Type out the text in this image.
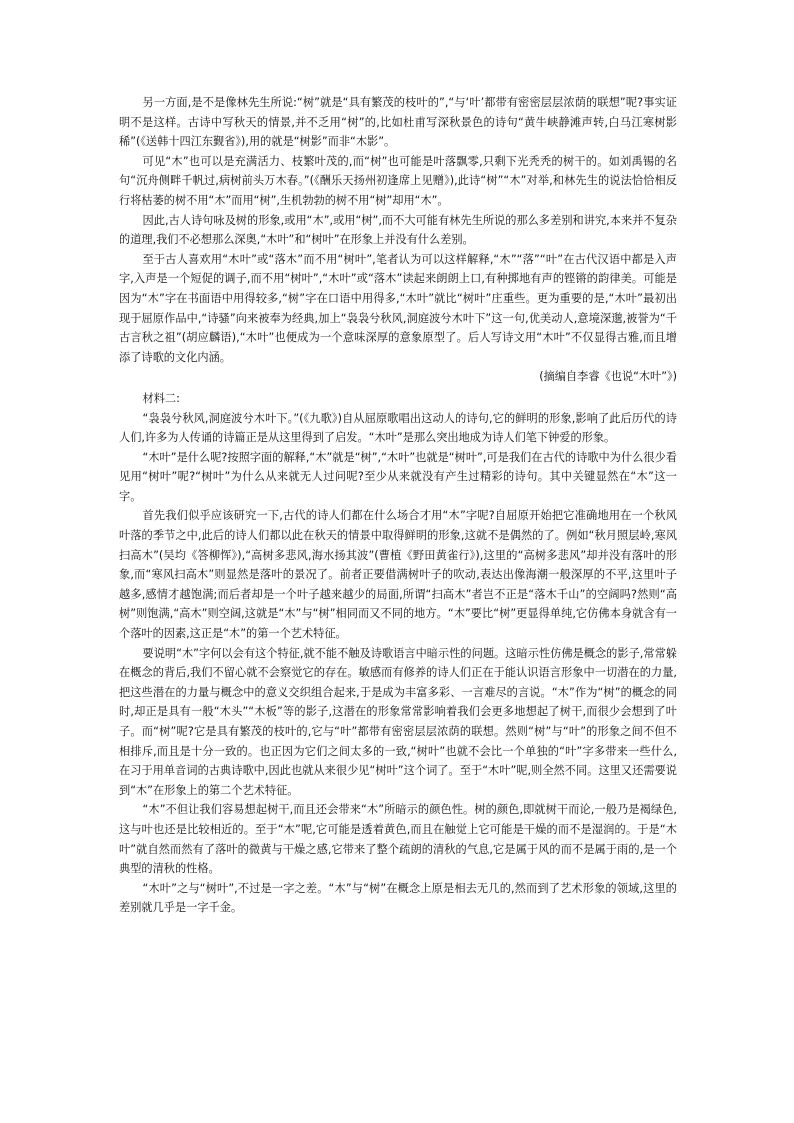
另一方面,是不是像林先生所说:“树”就是“具有繁茂的枝叶的”,“与‘叶’都带有密密层层浓荫的联想”呢?事实证明不是这样。古诗中写秋天的情景,并不乏用“树”的,比如杜甫写深秋景色的诗句“黄牛峡静滩声转,白马江寒树影稀”(《送韩十四江东觐省》),用的就是“树影”而非“木影”。

可见“木”也可以是充满活力、枝繁叶茂的,而“树”也可能是叶落飘零,只剩下光秃秃的树干的。如刘禹锡的名句“沉舟侧畔千帆过,病树前头万木春。”(《酬乐天扬州初逢席上见赠》),此诗“树”“木”对举,和林先生的说法恰恰相反行将枯萎的树不用“木”而用“树”,生机勃勃的树不用“树”却用“木”。

因此,古人诗句咏及树的形象,或用“木”,或用“树”,而不大可能有林先生所说的那么多差别和讲究,本来并不复杂的道理,我们不必想那么深奥,“木叶”和“树叶”在形象上并没有什么差别。

至于古人喜欢用“木叶”或“落木”而不用“树叶”,笔者认为可以这样解释,“木”“落”“叶”在古代汉语中都是入声字,入声是一个短促的调子,而不用“树叶”,“木叶”或“落木”读起来朗朗上口,有种掷地有声的铿锵的韵律美。可能是因为“木”字在书面语中用得较多,“树”字在口语中用得多,“木叶”就比“树叶”庄重些。更为重要的是,“木叶”最初出现于屈原作品中,“诗骚”向来被奉为经典,加上“袅袅兮秋风,洞庭波兮木叶下”这一句,优美动人,意境深邈,被誉为“千古言秋之祖”(胡应麟语),“木叶”也便成为一个意味深厚的意象原型了。后人写诗文用“木叶”不仅显得古雅,而且增添了诗歌的文化内涵。

(摘编自李睿《也说“木叶”》)

材料二:

“袅袅兮秋风,洞庭波兮木叶下。”(《九歌》)自从屈原歌唱出这动人的诗句,它的鲜明的形象,影响了此后历代的诗人们,许多为人传诵的诗篇正是从这里得到了启发。“木叶”是那么突出地成为诗人们笔下钟爱的形象。

“木叶”是什么呢?按照字面的解释,“木”就是“树”,“木叶”也就是“树叶”,可是我们在古代的诗歌中为什么很少看见用“树叶”呢?“树叶”为什么从来就无人过问呢?至少从来就没有产生过精彩的诗句。其中关键显然在“木”这一字。

首先我们似乎应该研究一下,古代的诗人们都在什么场合才用“木”字呢?自屈原开始把它准确地用在一个秋风叶落的季节之中,此后的诗人们都以此在秋天的情景中取得鲜明的形象,这就不是偶然的了。例如“秋月照层岭,寒风扫高木”(吴均《答柳恽》),“高树多悲风,海水扬其波”(曹植《野田黄雀行》),这里的“高树多悲风”却并没有落叶的形象,而“寒风扫高木”则显然是落叶的景况了。前者正要借满树叶子的吹动,表达出像海潮一般深厚的不平,这里叶子越多,感情才越饱满;而后者却是一个叶子越来越少的局面,所谓“扫高木”者岂不正是“落木千山”的空阔吗?然则“高树”则饱满,“高木”则空阔,这就是“木”与“树”相同而又不同的地方。“木”要比“树”更显得单纯,它仿佛本身就含有一个落叶的因素,这正是“木”的第一个艺术特征。

要说明“木”字何以会有这个特征,就不能不触及诗歌语言中暗示性的问题。这暗示性仿佛是概念的影子,常常躲在概念的背后,我们不留心就不会察觉它的存在。敏感而有修养的诗人们正在于能认识语言形象中一切潜在的力量,把这些潜在的力量与概念中的意义交织组合起来,于是成为丰富多彩、一言难尽的言说。“木”作为“树”的概念的同时,却正是具有一般“木头”“木板”等的影子,这潜在的形象常常影响着我们会更多地想起了树干,而很少会想到了叶子。而“树”呢?它是具有繁茂的枝叶的,它与“叶”都带有密密层层浓荫的联想。然则“树”与“叶”的形象之间不但不相排斥,而且是十分一致的。也正因为它们之间太多的一致,“树叶”也就不会比一个单独的“叶”字多带来一些什么,在习于用单音词的古典诗歌中,因此也就从来很少见“树叶”这个词了。至于“木叶”呢,则全然不同。这里又还需要说到“木”在形象上的第二个艺术特征。

“木”不但让我们容易想起树干,而且还会带来“木”所暗示的颜色性。树的颜色,即就树干而论,一般乃是褐绿色,这与叶也还是比较相近的。至于“木”呢,它可能是透着黄色,而且在触觉上它可能是干燥的而不是湿润的。于是“木叶”就自然而然有了落叶的微黄与干燥之感,它带来了整个疏朗的清秋的气息,它是属于风的而不是属于雨的,是一个典型的清秋的性格。

“木叶”之与“树叶”,不过是一字之差。“木”与“树”在概念上原是相去无几的,然而到了艺术形象的领域,这里的差别就几乎是一字千金。
